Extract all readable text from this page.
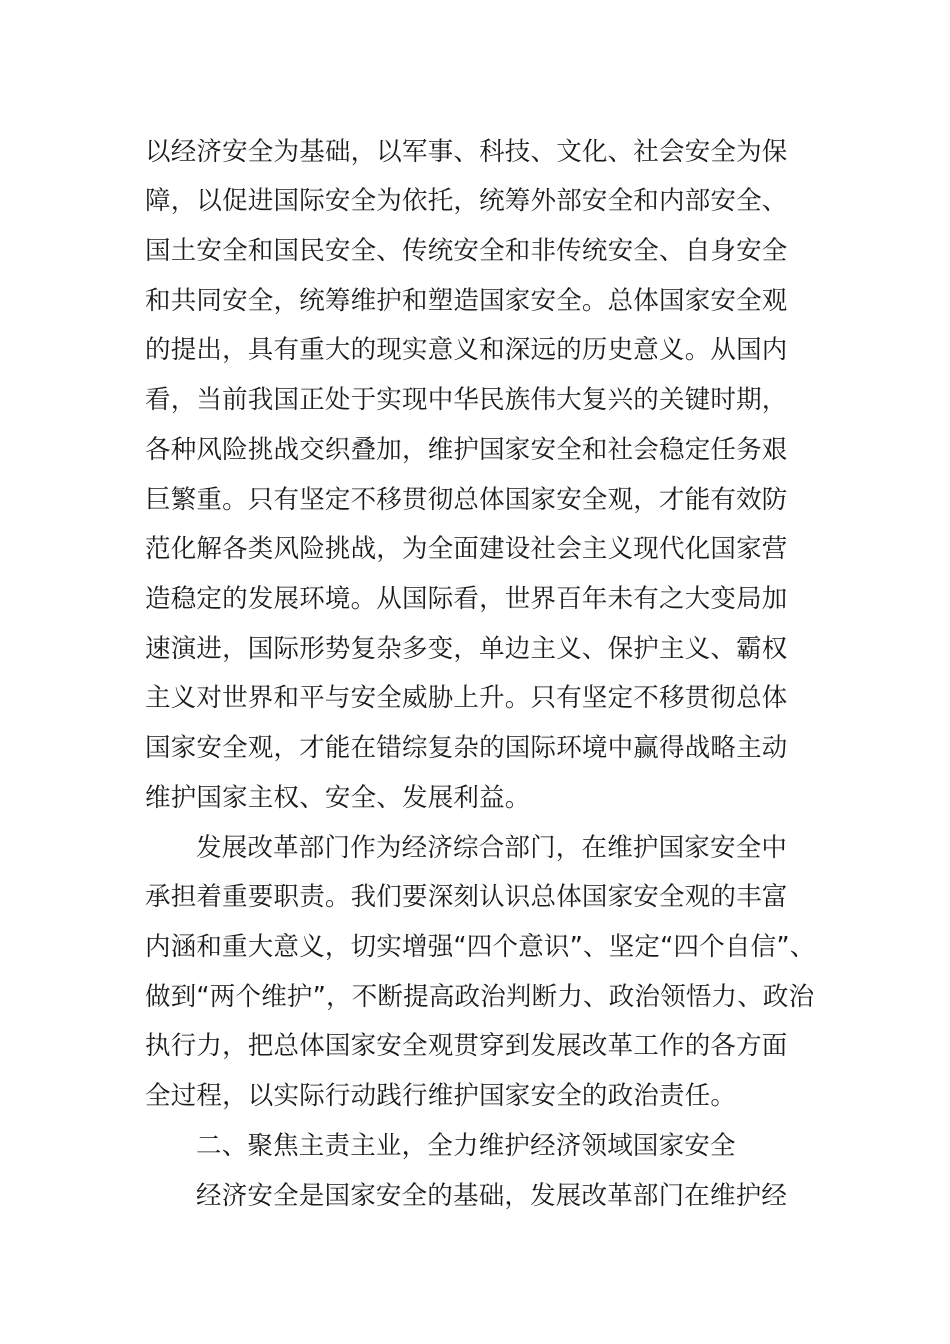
以经济安全为基础，以军事、科技、文化、社会安全为保
障，以促进国际安全为依托，统筹外部安全和内部安全、
国土安全和国民安全、传统安全和非传统安全、自身安全
和共同安全，统筹维护和塑造国家安全。总体国家安全观
的提出，具有重大的现实意义和深远的历史意义。从国内
看，当前我国正处于实现中华民族伟大复兴的关键时期，
各种风险挑战交织叠加，维护国家安全和社会稳定任务艰
巨繁重。只有坚定不移贯彻总体国家安全观，才能有效防
范化解各类风险挑战，为全面建设社会主义现代化国家营
造稳定的发展环境。从国际看，世界百年未有之大变局加
速演进，国际形势复杂多变，单边主义、保护主义、霸权
主义对世界和平与安全威胁上升。只有坚定不移贯彻总体
国家安全观，才能在错综复杂的国际环境中赢得战略主动
维护国家主权、安全、发展利益。
发展改革部门作为经济综合部门，在维护国家安全中
承担着重要职责。我们要深刻认识总体国家安全观的丰富
内涵和重大意义，切实增强“四个意识”、坚定“四个自信”、
做到“两个维护”，不断提高政治判断力、政治领悟力、政治
执行力，把总体国家安全观贯穿到发展改革工作的各方面
全过程，以实际行动践行维护国家安全的政治责任。
二、聚焦主责主业，全力维护经济领域国家安全
经济安全是国家安全的基础，发展改革部门在维护经
